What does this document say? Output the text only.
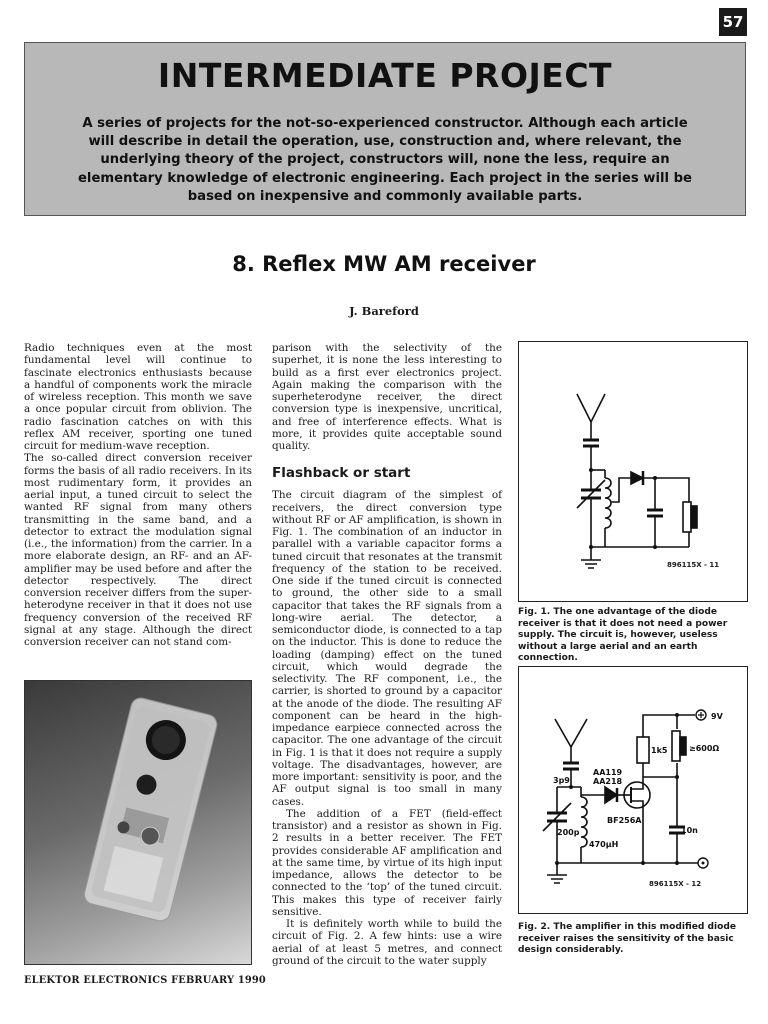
57
INTERMEDIATE PROJECT
A series of projects for the not-so-experienced constructor. Although each article will describe in detail the operation, use, construction and, where relevant, the underlying theory of the project, constructors will, none the less, require an elementary knowledge of electronic engineering. Each project in the series will be based on inexpensive and commonly available parts.
8. Reflex MW AM receiver
J. Bareford

Radio techniques even at the most fundamental level will continue to fascinate electronics enthusiasts because a handful of components work the miracle of wireless reception. This month we save a once popular circuit from oblivion. The radio fascination catches on with this reflex AM receiver, sporting one tuned circuit for medium-wave reception.

The so-called direct conversion receiver forms the basis of all radio receivers. In its most rudimentary form, it provides an aerial input, a tuned circuit to select the wanted RF signal from many others transmitting in the same band, and a detector to extract the modulation signal (i.e., the information) from the carrier. In a more elaborate design, an RF- and an AF- amplifier may be used before and after the detector respectively. The direct conversion receiver differs from the super-heterodyne receiver in that it does not use frequency conversion of the received RF signal at any stage. Although the direct conversion receiver can not stand com-

parison with the selectivity of the superhet, it is none the less interesting to build as a first ever electronics project. Again making the comparison with the superheterodyne receiver, the direct conversion type is inexpensive, uncritical, and free of interference effects. What is more, it provides quite acceptable sound quality.

Flashback or start

The circuit diagram of the simplest of receivers, the direct conversion type without RF or AF amplification, is shown in Fig. 1. The combination of an inductor in parallel with a variable capacitor forms a tuned circuit that resonates at the transmit frequency of the station to be received. One side if the tuned circuit is connected to ground, the other side to a small capacitor that takes the RF signals from a long-wire aerial. The detector, a semiconductor diode, is connected to a tap on the inductor. This is done to reduce the loading (damping) effect on the tuned circuit, which would degrade the selectivity. The RF component, i.e., the carrier, is shorted to ground by a capacitor at the anode of the diode. The resulting AF component can be heard in the high-impedance earpiece connected across the capacitor. The one advantage of the circuit in Fig. 1 is that it does not require a supply voltage. The disadvantages, however, are more important: sensitivity is poor, and the AF output signal is too small in many cases.

The addition of a FET (field-effect transistor) and a resistor as shown in Fig. 2 results in a better receiver. The FET provides considerable AF amplification and at the same time, by virtue of its high input impedance, allows the detector to be connected to the ‘top’ of the tuned circuit. This makes this type of receiver fairly sensitive.

It is definitely worth while to build the circuit of Fig. 2. A few hints: use a wire aerial of at least 5 metres, and connect ground of the circuit to the water supply

ELEKTOR ELECTRONICS FEBRUARY 1990
896115X - 11
Fig. 1. The one advantage of the diode receiver is that it does not need a power supply. The circuit is, however, useless without a large aerial and an earth connection.
3p9
AA119
AA218
200p
470μH
BF256A
1k5
10n
≥600Ω
9V
896115X - 12
Fig. 2. The amplifier in this modified diode receiver raises the sensitivity of the basic design considerably.
